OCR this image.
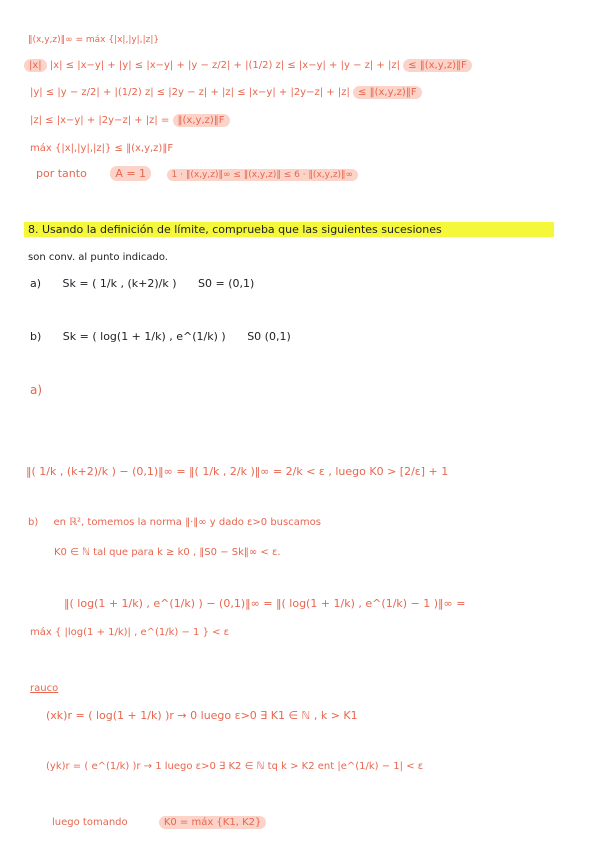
‖(x,y,z)‖∞ = máx {|x|,|y|,|z|}
|x| |x| ≤ |x−y| + |y| ≤ |x−y| + |y − z/2| + |(1/2) z| ≤ |x−y| + |y − z| + |z| ≤ ‖(x,y,z)‖F
|y| ≤ |y − z/2| + |(1/2) z| ≤ |2y − z| + |z| ≤ |x−y| + |2y−z| + |z| ≤ ‖(x,y,z)‖F
|z| ≤ |x−y| + |2y−z| + |z| = ‖(x,y,z)‖F
máx {|x|,|y|,|z|} ≤ ‖(x,y,z)‖F
por tanto	A = 1	1 · ‖(x,y,z)‖∞ ≤ ‖(x,y,z)‖ ≤ 6 · ‖(x,y,z)‖∞
8. Usando la definición de límite, comprueba que las siguientes sucesiones
son conv. al punto indicado.
a) Sk = ( 1/k , (k+2)/k ) S0 = (0,1)
b) Sk = ( log(1 + 1/k) , e^(1/k) ) S0 (0,1)
a)
‖( 1/k , (k+2)/k ) − (0,1)‖∞ = ‖( 1/k , 2/k )‖∞ = 2/k < ε , luego K0 > [2/ε] + 1
b) en ℝ², tomemos la norma ‖·‖∞ y dado ε>0 buscamos
K0 ∈ ℕ tal que para k ≥ k0 , ‖S0 − Sk‖∞ < ε.
‖( log(1 + 1/k) , e^(1/k) ) − (0,1)‖∞ = ‖( log(1 + 1/k) , e^(1/k) − 1 )‖∞ =
máx { |log(1 + 1/k)| , e^(1/k) − 1 } < ε
rauco
(xk)r = ( log(1 + 1/k) )r → 0 luego ε>0 ∃ K1 ∈ ℕ , k > K1
(yk)r = ( e^(1/k) )r → 1 luego ε>0 ∃ K2 ∈ ℕ tq k > K2 ent |e^(1/k) − 1| < ε
luego tomando	K0 = máx {K1, K2}
